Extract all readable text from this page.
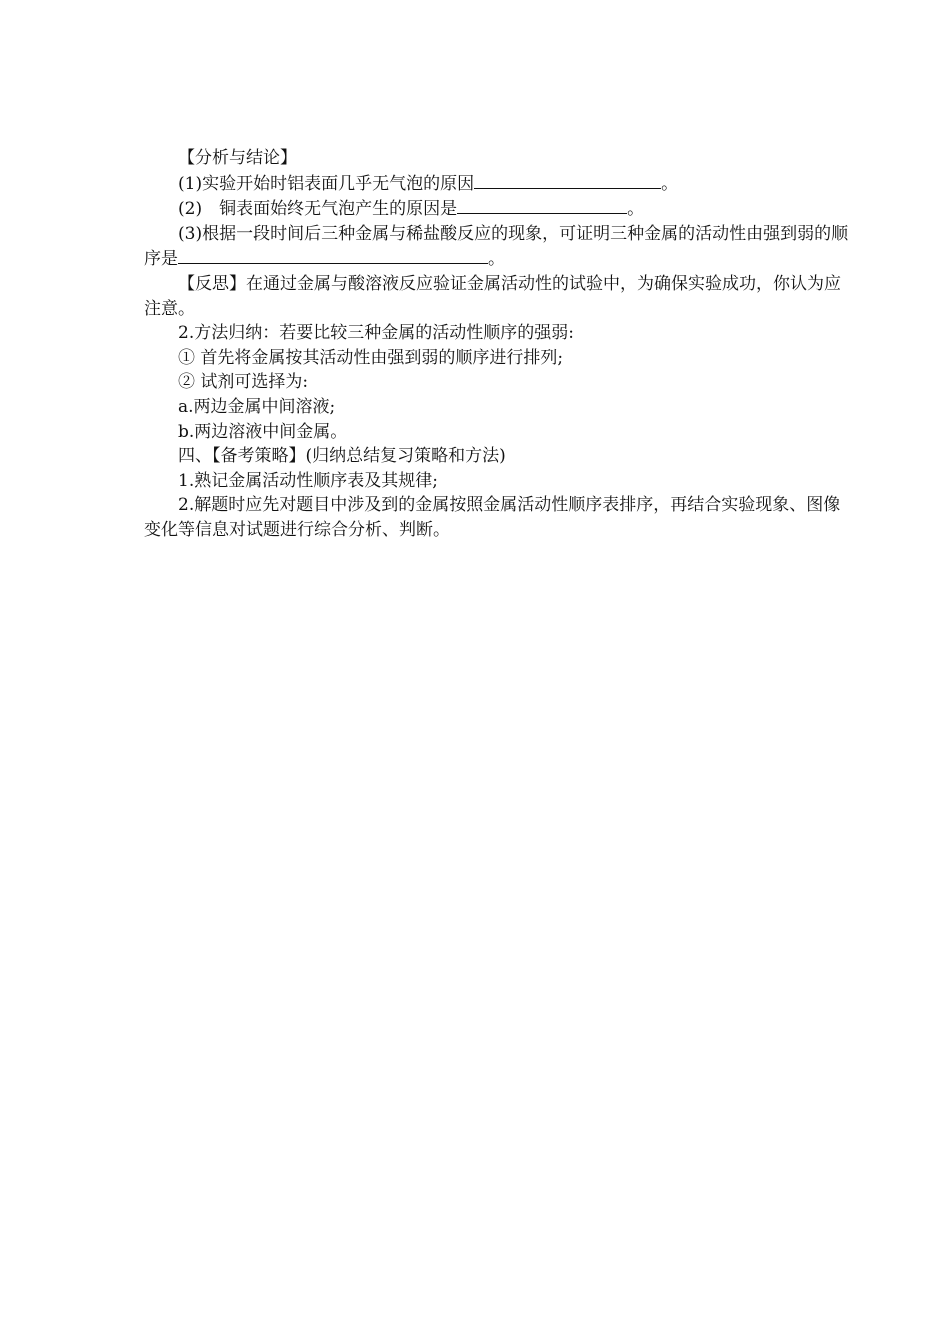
【分析与结论】

(1)实验开始时铝表面几乎无气泡的原因	。

(2)　铜表面始终无气泡产生的原因是	。

(3)根据一段时间后三种金属与稀盐酸反应的现象，可证明三种金属的活动性由强到弱的顺序是	。

【反思】在通过金属与酸溶液反应验证金属活动性的试验中，为确保实验成功，你认为应注意。

2.方法归纳：若要比较三种金属的活动性顺序的强弱:

① 首先将金属按其活动性由强到弱的顺序进行排列;

② 试剂可选择为:

a.两边金属中间溶液;

b.两边溶液中间金属。

四、【备考策略】(归纳总结复习策略和方法)

1.熟记金属活动性顺序表及其规律;

2.解题时应先对题目中涉及到的金属按照金属活动性顺序表排序，再结合实验现象、图像变化等信息对试题进行综合分析、判断。
